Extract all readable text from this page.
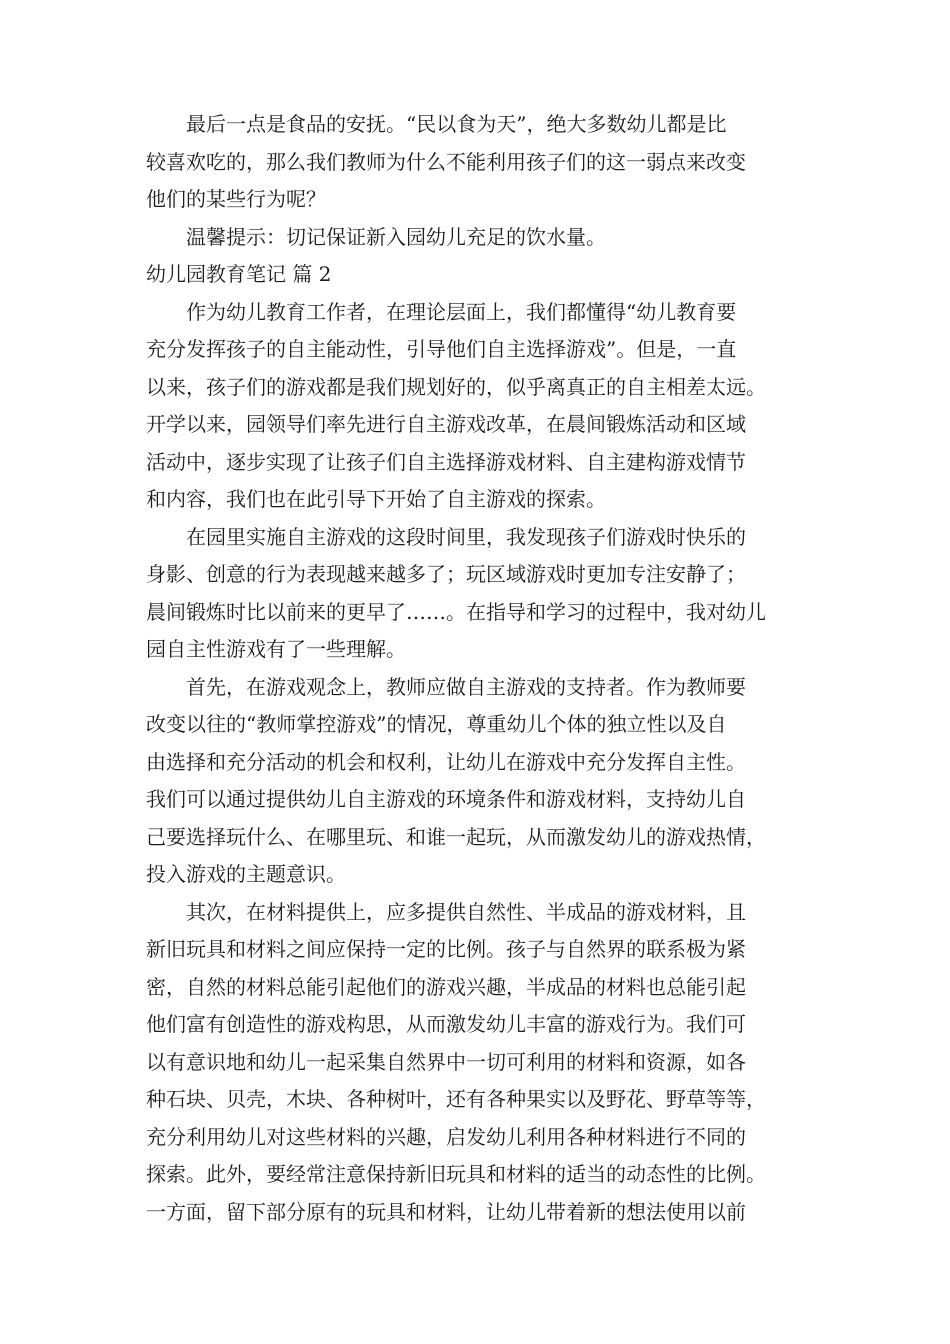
最后一点是食品的安抚。“民以食为天”，绝大多数幼儿都是比
较喜欢吃的，那么我们教师为什么不能利用孩子们的这一弱点来改变
他们的某些行为呢？

温馨提示：切记保证新入园幼儿充足的饮水量。

幼儿园教育笔记 篇 2

作为幼儿教育工作者，在理论层面上，我们都懂得“幼儿教育要
充分发挥孩子的自主能动性，引导他们自主选择游戏”。但是，一直
以来，孩子们的游戏都是我们规划好的，似乎离真正的自主相差太远。
开学以来，园领导们率先进行自主游戏改革，在晨间锻炼活动和区域
活动中，逐步实现了让孩子们自主选择游戏材料、自主建构游戏情节
和内容，我们也在此引导下开始了自主游戏的探索。

在园里实施自主游戏的这段时间里，我发现孩子们游戏时快乐的
身影、创意的行为表现越来越多了；玩区域游戏时更加专注安静了；
晨间锻炼时比以前来的更早了……。在指导和学习的过程中，我对幼儿
园自主性游戏有了一些理解。

首先，在游戏观念上，教师应做自主游戏的支持者。作为教师要
改变以往的“教师掌控游戏”的情况，尊重幼儿个体的独立性以及自
由选择和充分活动的机会和权利，让幼儿在游戏中充分发挥自主性。
我们可以通过提供幼儿自主游戏的环境条件和游戏材料，支持幼儿自
己要选择玩什么、在哪里玩、和谁一起玩，从而激发幼儿的游戏热情，
投入游戏的主题意识。

其次，在材料提供上，应多提供自然性、半成品的游戏材料，且
新旧玩具和材料之间应保持一定的比例。孩子与自然界的联系极为紧
密，自然的材料总能引起他们的游戏兴趣，半成品的材料也总能引起
他们富有创造性的游戏构思，从而激发幼儿丰富的游戏行为。我们可
以有意识地和幼儿一起采集自然界中一切可利用的材料和资源，如各
种石块、贝壳，木块、各种树叶，还有各种果实以及野花、野草等等，
充分利用幼儿对这些材料的兴趣，启发幼儿利用各种材料进行不同的
探索。此外，要经常注意保持新旧玩具和材料的适当的动态性的比例。
一方面，留下部分原有的玩具和材料，让幼儿带着新的想法使用以前
